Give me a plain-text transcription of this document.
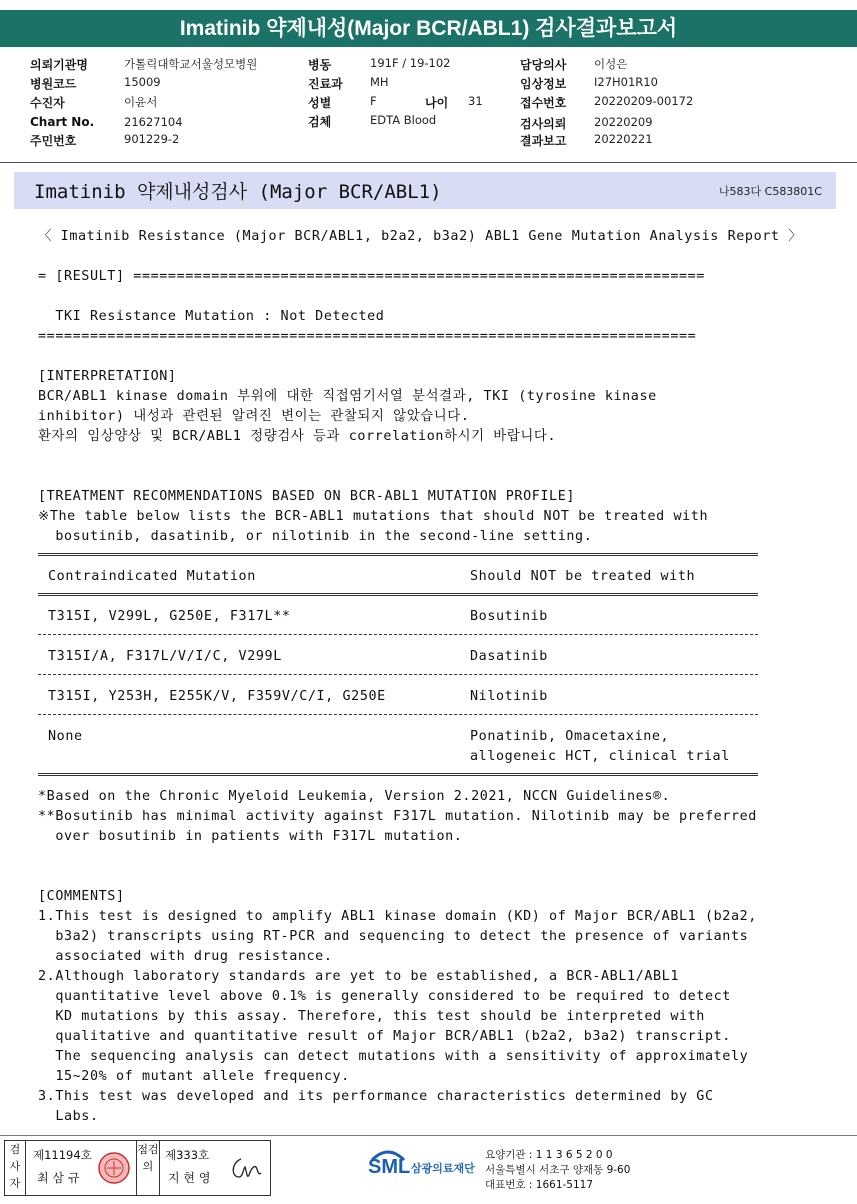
Imatinib 약제내성(Major BCR/ABL1) 검사결과보고서
의뢰기관명	가톨릭대학교서울성모병원
병원코드	15009
수진자	이윤서
Chart No.	21627104
주민번호	901229-2
병동	191F / 19-102
진료과 MH
성별	F	나이 31
검체	EDTA Blood
담당의사 이성은
임상정보 I27H01R10
접수번호 20220209-00172
검사의뢰 20220209
결과보고 20220221
Imatinib 약제내성검사 (Major BCR/ABL1)	나583다 C583801C
〈 Imatinib Resistance (Major BCR/ABL1, b2a2, b3a2) ABL1 Gene Mutation Analysis Report 〉
= [RESULT] ==================================================================
TKI Resistance Mutation : Not Detected
============================================================================
[INTERPRETATION]
BCR/ABL1 kinase domain 부위에 대한 직접염기서열 분석결과, TKI (tyrosine kinase
inhibitor) 내성과 관련된 알려진 변이는 관찰되지 않았습니다.
환자의 임상양상 및 BCR/ABL1 정량검사 등과 correlation하시기 바랍니다.
[TREATMENT RECOMMENDATIONS BASED ON BCR-ABL1 MUTATION PROFILE]
※The table below lists the BCR-ABL1 mutations that should NOT be treated with
bosutinib, dasatinib, or nilotinib in the second-line setting.
Contraindicated Mutation	Should NOT be treated with
T315I, V299L, G250E, F317L**	Bosutinib
T315I/A, F317L/V/I/C, V299L	Dasatinib
T315I, Y253H, E255K/V, F359V/C/I, G250E	Nilotinib
None	Ponatinib, Omacetaxine,
allogeneic HCT, clinical trial
*Based on the Chronic Myeloid Leukemia, Version 2.2021, NCCN Guidelines®.
**Bosutinib has minimal activity against F317L mutation. Nilotinib may be preferred
over bosutinib in patients with F317L mutation.
[COMMENTS]
1.This test is designed to amplify ABL1 kinase domain (KD) of Major BCR/ABL1 (b2a2,
b3a2) transcripts using RT-PCR and sequencing to detect the presence of variants
associated with drug resistance.
2.Although laboratory standards are yet to be established, a BCR-ABL1/ABL1
quantitative level above 0.1% is generally considered to be required to detect
KD mutations by this assay. Therefore, this test should be interpreted with
qualitative and quantitative result of Major BCR/ABL1 (b2a2, b3a2) transcript.
The sequencing analysis can detect mutations with a sensitivity of approximately
15~20% of mutant allele frequency.
3.This test was developed and its performance characteristics determined by GC
Labs.
검사자
제11194호
최 삼 규
점검의
제333호
지 현 영	SML 삼광의료재단
요양기관 : 1 1 3 6 5 2 0 0
서울특별시 서초구 양재동 9-60
대표번호 : 1661-5117
